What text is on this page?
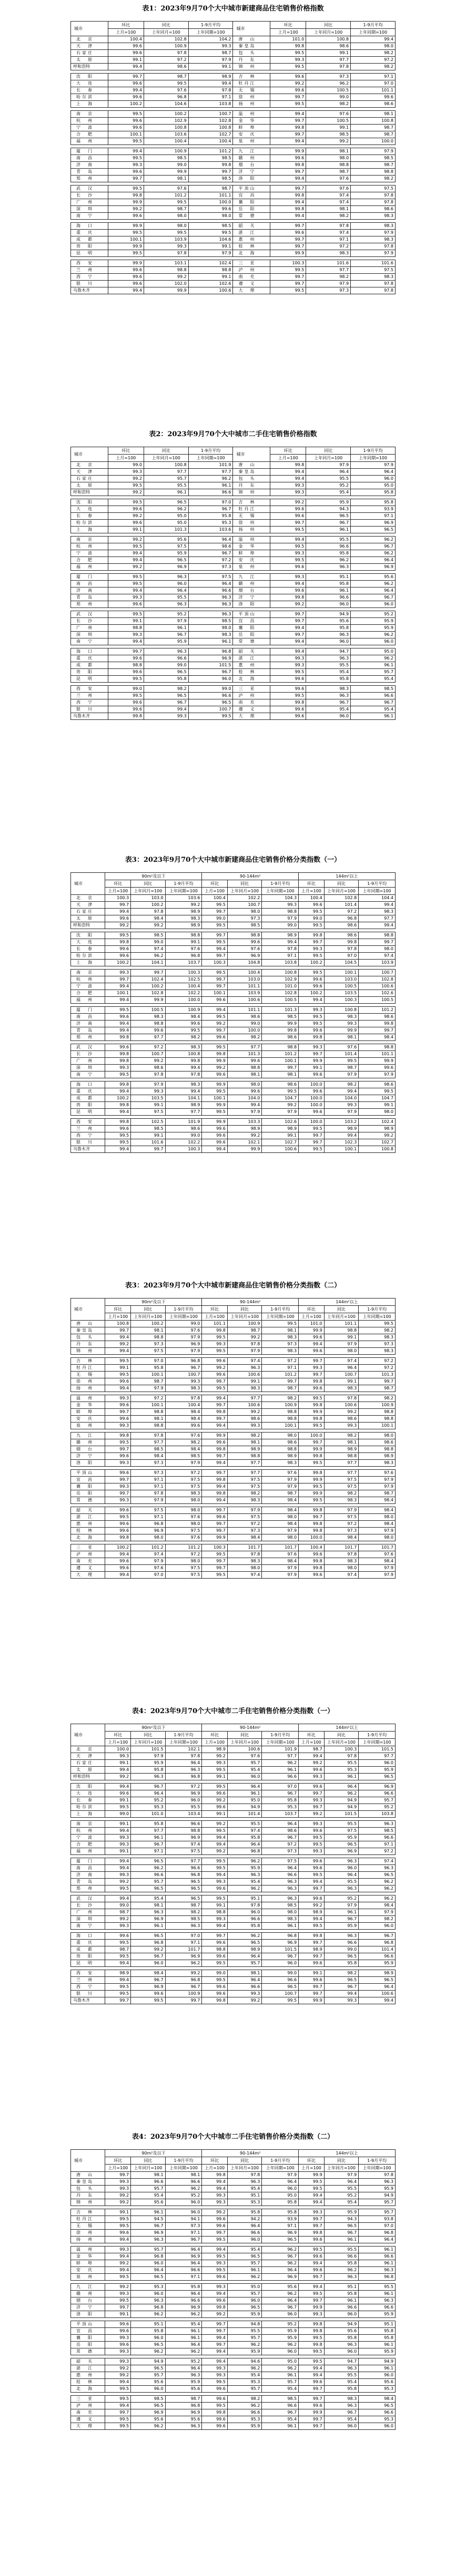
表1：2023年9月70个大中城市新建商品住宅销售价格指数
城市	环比	同比	1-9月平均	城市	环比	同比	1-9月平均
	上月=100	上年同月=100	上年同期=100		上月=100	上年同月=100	上年同期=100
北　京	100.4	102.8	104.2	唐　山	101.0	100.8	99.4
天　津	99.6	100.9	99.3	秦皇岛	99.8	98.6	98.0
石家庄	99.6	97.8	98.7	包　头	99.5	99.1	98.2
太　原	99.1	97.2	97.9	丹　东	99.3	97.7	97.2
呼和浩特	99.4	98.6	99.1	锦　州	99.5	97.8	98.2

沈　阳	99.7	98.7	98.9	吉　林	99.6	97.3	97.1
大　连	99.6	99.5	99.4	牡丹江	99.2	96.2	97.0
长　春	99.4	97.6	97.8	无　锡	99.6	100.5	101.1
哈尔滨	99.6	96.8	97.1	徐　州	99.7	99.0	99.6
上　海	100.2	104.6	103.8	扬　州	99.5	98.2	98.6

南　京	99.5	100.2	100.7	温　州	99.4	97.6	98.1
杭　州	99.6	102.9	102.8	金　华	99.7	100.5	100.8
宁　波	99.6	100.8	100.8	蚌　埠	99.8	99.1	98.7
合　肥	100.1	103.6	102.7	安　庆	99.7	98.5	98.7
福　州	99.5	100.4	100.4	泉　州	99.4	99.2	100.0

厦　门	99.4	100.9	101.2	九　江	99.9	98.1	97.9
南　昌	99.5	98.5	98.5	赣　州	99.6	98.0	98.5
济　南	99.3	99.0	99.8	烟　台	99.8	98.8	98.7
青　岛	99.6	99.9	99.7	济　宁	99.7	98.7	98.8
郑　州	99.7	98.1	98.5	洛　阳	99.4	97.6	98.2

武　汉	99.5	97.6	98.7	平顶山	99.7	97.6	97.5
长　沙	99.8	101.2	101.1	宜　昌	99.8	97.4	97.8
广　州	99.9	99.5	100.0	襄　阳	99.4	97.4	97.8
深　圳	99.2	98.7	99.6	岳　阳	99.8	98.1	98.6
南　宁	99.6	98.0	98.0	常　德	99.4	98.2	98.3

海　口	99.9	98.0	98.5	韶　关	99.7	97.8	98.3
重　庆	99.5	99.5	99.5	湛　江	99.6	97.4	97.9
成　都	100.1	103.9	104.6	惠　州	99.7	97.1	98.3
贵　阳	99.9	99.3	99.1	桂　林	99.7	97.2	97.8
昆　明	99.5	97.8	97.9	北　海	99.9	98.3	97.9

西　安	99.9	103.1	102.4	三　亚	100.3	101.6	101.6
兰　州	99.6	98.8	98.8	泸　州	99.5	97.7	97.5
西　宁	99.6	99.2	99.1	南　充	99.7	98.2	98.3
银　川	99.6	102.0	102.6	遵　义	99.7	97.9	97.8
乌鲁木齐	99.4	99.9	100.6	大　理	99.5	97.3	97.8
表2：2023年9月70个大中城市二手住宅销售价格指数
城市	环比	同比	1-9月平均	城市	环比	同比	1-9月平均
	上月=100	上年同月=100	上年同期=100		上月=100	上年同月=100	上年同期=100
北　京	99.0	100.8	101.9	唐　山	99.8	97.9	97.9
天　津	99.3	97.7	97.7	秦皇岛	99.4	96.4	96.4
石家庄	99.2	95.7	96.2	包　头	99.4	95.5	96.0
太　原	99.5	95.5	96.1	丹　东	99.3	95.2	95.0
呼和浩特	99.2	96.1	96.6	锦　州	99.3	95.4	95.8

沈　阳	99.5	96.5	97.0	吉　林	99.2	95.9	95.8
大　连	99.6	96.2	96.7	牡丹江	99.6	94.3	93.9
长　春	99.2	95.0	95.8	无　锡	99.6	96.5	97.1
哈尔滨	99.6	95.0	95.3	徐　州	99.7	96.7	96.9
上　海	99.1	101.3	103.6	扬　州	99.5	96.1	96.5

南　京	99.2	95.6	96.4	温　州	99.4	95.5	96.2
杭　州	99.5	97.5	98.6	金　华	99.5	96.6	96.7
宁　波	99.4	95.9	96.7	蚌　埠	99.3	95.8	96.2
合　肥	99.4	96.5	97.2	安　庆	99.5	96.2	96.4
福　州	99.2	96.9	97.3	泉　州	99.6	96.3	96.9

厦　门	99.5	96.3	97.5	九　江	99.3	95.1	95.6
南　昌	99.5	96.0	96.4	赣　州	99.4	95.8	96.2
济　南	99.4	96.4	96.6	烟　台	99.6	96.1	96.4
青　岛	99.3	95.5	96.3	济　宁	99.8	96.6	96.7
郑　州	99.6	96.3	96.3	洛　阳	99.2	96.0	96.0

武　汉	99.5	95.2	96.3	平顶山	99.7	94.9	95.2
长　沙	99.1	97.9	98.5	宜　昌	99.7	95.6	95.9
广　州	98.8	96.1	98.0	襄　阳	99.4	95.8	95.9
深　圳	99.3	96.7	98.3	岳　阳	99.7	96.3	96.2
南　宁	99.4	95.9	96.1	常　德	99.4	96.0	96.0

海　口	99.7	96.3	96.8	韶　关	99.4	94.7	95.0
重　庆	99.6	96.6	96.9	湛　江	99.3	96.3	96.2
成　都	98.8	99.0	101.5	惠　州	99.3	95.5	96.1
贵　阳	99.6	96.5	96.7	桂　林	99.5	95.4	95.7
昆　明	99.5	95.8	96.0	北　海	99.6	95.8	95.4

西　安	99.0	98.2	99.0	三　亚	99.6	98.3	98.5
兰　州	99.5	96.5	96.6	泸　州	99.5	96.3	96.6
西　宁	99.6	96.7	96.5	南　充	99.8	96.7	96.7
银　川	99.6	99.4	100.7	遵　义	99.6	95.4	95.4
乌鲁木齐	99.8	99.3	99.5	大　理	99.6	96.0	96.1
表3：2023年9月70个大中城市新建商品住宅销售价格分类指数（一）
城市	90m²及以下			90-144m²			144m²以上		
	环比	同比	1-9月平均	环比	同比	1-9月平均	环比	同比	1-9月平均
	上月=100	上年同月=100	上年同期=100	上月=100	上年同月=100	上年同期=100	上月=100	上年同月=100	上年同期=100
北　京	100.3	103.0	103.6	100.4	102.2	104.3	100.4	102.8	104.4
天　津	99.7	100.2	99.2	99.5	100.7	99.3	99.6	101.4	99.4
石家庄	99.4	97.8	98.9	99.7	98.0	98.8	99.5	97.2	98.3
太　原	99.6	98.4	98.3	99.0	97.3	97.9	99.0	96.8	97.7
呼和浩特	99.2	99.2	98.9	99.5	98.5	99.0	99.5	98.6	99.4

沈　阳	99.5	98.5	98.8	99.7	98.8	98.9	99.8	98.6	98.8
大　连	99.8	99.0	99.1	99.5	99.6	99.4	99.7	99.8	99.7
长　春	99.6	97.4	97.6	99.4	97.6	97.8	99.3	97.8	98.0
哈尔滨	99.6	96.2	96.8	99.7	96.9	97.1	99.5	97.0	97.4
上　海	100.2	104.1	103.7	100.3	104.8	103.8	100.2	104.5	103.9

南　京	99.3	99.7	100.3	99.5	100.4	100.8	99.5	100.1	100.7
杭　州	99.7	102.4	102.5	99.7	103.0	102.9	99.6	103.0	102.8
宁　波	99.4	100.2	100.4	99.7	101.1	101.0	99.6	100.5	100.6
合　肥	100.1	102.8	102.2	100.1	103.9	102.8	100.2	103.5	102.6
福　州	99.4	99.9	100.0	99.6	100.6	100.5	99.4	100.3	100.5

厦　门	99.5	100.5	100.9	99.4	101.1	101.3	99.3	100.8	101.2
南　昌	99.6	98.3	98.4	99.5	98.6	98.5	99.5	98.3	98.6
济　南	99.4	98.8	99.6	99.2	99.0	99.9	99.5	99.3	99.8
青　岛	99.4	99.6	99.5	99.7	100.0	99.8	99.6	99.9	99.7
郑　州	99.8	97.7	98.2	99.6	98.2	98.6	99.8	98.1	98.4

武　汉	99.6	97.2	98.3	99.5	97.7	98.8	99.3	97.6	98.8
长　沙	99.8	100.7	100.8	99.8	101.3	101.2	99.7	101.4	101.1
广　州	99.8	99.2	99.8	99.9	99.6	100.1	99.9	99.5	99.9
深　圳	99.3	98.6	99.4	99.2	98.8	99.7	99.1	98.7	99.6
南　宁	99.5	97.8	97.8	99.6	98.1	98.1	99.6	97.9	97.9

海　口	99.8	97.9	98.3	99.9	98.0	98.6	100.0	98.2	98.6
重　庆	99.4	99.3	99.4	99.5	99.6	99.5	99.6	99.4	99.5
成　都	100.2	103.5	104.1	100.1	104.0	104.7	100.0	104.0	104.7
贵　阳	99.8	99.1	98.9	99.9	99.4	99.2	100.0	99.3	99.1
昆　明	99.4	97.5	97.7	99.5	97.9	97.9	99.6	97.9	98.0

西　安	99.8	102.5	101.9	99.9	103.3	102.6	100.0	103.2	102.4
兰　州	99.6	98.5	98.6	99.6	98.9	98.9	99.5	98.9	98.9
西　宁	99.5	99.1	99.0	99.6	99.2	99.1	99.7	99.4	99.2
银　川	99.5	101.6	102.2	99.6	102.1	102.7	99.7	102.3	102.7
乌鲁木齐	99.4	99.7	100.3	99.4	99.9	100.6	99.5	100.1	100.8
表3：2023年9月70个大中城市新建商品住宅销售价格分类指数（二）
城市	90m²及以下			90-144m²			144m²以上		
	环比	同比	1-9月平均	环比	同比	1-9月平均	环比	同比	1-9月平均
	上月=100	上年同月=100	上年同期=100	上月=100	上年同月=100	上年同期=100	上月=100	上年同月=100	上年同期=100
唐　山	100.8	100.2	99.0	101.1	100.9	99.5	101.0	101.1	99.5
秦皇岛	99.7	98.1	97.6	99.8	98.7	98.1	99.9	98.8	98.2
包　头	99.4	98.8	97.9	99.5	99.2	98.3	99.6	99.1	98.3
丹　东	99.2	97.3	96.9	99.3	97.8	97.3	99.4	97.9	97.3
锦　州	99.4	97.5	97.9	99.5	97.9	98.3	99.6	98.0	98.3

吉　林	99.5	97.0	96.8	99.6	97.4	97.2	99.7	97.4	97.2
牡丹江	99.1	95.8	96.7	99.2	96.3	97.1	99.3	96.4	97.2
无　锡	99.5	100.1	100.7	99.6	100.6	101.2	99.7	100.7	101.3
徐　州	99.6	98.7	99.3	99.7	99.1	99.7	99.8	99.1	99.7
扬　州	99.4	97.9	98.3	99.5	98.3	98.7	99.6	98.3	98.7

温　州	99.3	97.2	97.8	99.4	97.7	98.2	99.5	97.8	98.2
金　华	99.6	100.1	100.4	99.7	100.6	100.9	99.8	100.6	100.9
蚌　埠	99.7	98.8	98.4	99.8	99.2	98.8	99.9	99.2	98.8
安　庆	99.6	98.1	98.4	99.7	98.6	98.8	99.8	98.6	98.8
泉　州	99.3	98.8	99.6	99.4	99.3	100.1	99.5	99.3	100.1

九　江	99.8	97.8	97.6	99.9	98.2	98.0	100.0	98.2	98.0
赣　州	99.5	97.7	98.2	99.6	98.1	98.6	99.7	98.1	98.6
烟　台	99.7	98.5	98.4	99.8	98.9	98.8	99.9	98.9	98.8
济　宁	99.6	98.4	98.5	99.7	98.8	98.9	99.8	98.8	98.9
洛　阳	99.3	97.3	97.9	99.4	97.7	98.3	99.5	97.7	98.3

平顶山	99.6	97.3	97.2	99.7	97.7	97.6	99.8	97.7	97.6
宜　昌	99.7	97.1	97.5	99.8	97.5	97.9	99.9	97.5	97.9
襄　阳	99.3	97.1	97.5	99.4	97.5	97.9	99.5	97.5	97.9
岳　阳	99.7	97.8	98.3	99.8	98.2	98.7	99.9	98.2	98.7
常　德	99.3	97.9	98.0	99.4	98.3	98.4	99.5	98.3	98.4

韶　关	99.6	97.5	98.0	99.7	97.9	98.4	99.8	97.9	98.4
湛　江	99.5	97.1	97.6	99.6	97.5	98.0	99.7	97.5	98.0
惠　州	99.6	96.8	98.0	99.7	97.2	98.4	99.8	97.2	98.4
桂　林	99.6	96.9	97.5	99.7	97.3	97.9	99.8	97.3	97.9
北　海	99.8	98.0	97.6	99.9	98.4	98.0	100.0	98.4	98.0

三　亚	100.2	101.2	101.2	100.3	101.7	101.7	100.4	101.7	101.7
泸　州	99.4	97.4	97.2	99.5	97.8	97.6	99.6	97.8	97.6
南　充	99.6	97.9	98.0	99.7	98.3	98.4	99.8	98.3	98.4
遵　义	99.6	97.6	97.5	99.7	98.0	97.9	99.8	98.0	97.9
大　理	99.4	97.0	97.5	99.5	97.4	97.9	99.6	97.4	97.9
表4：2023年9月70个大中城市二手住宅销售价格分类指数（一）
城市	90m²及以下			90-144m²			144m²以上		
	环比	同比	1-9月平均	环比	同比	1-9月平均	环比	同比	1-9月平均
	上月=100	上年同月=100	上年同期=100	上月=100	上年同月=100	上年同期=100	上月=100	上年同月=100	上年同期=100
北　京	100.0	101.5	102.1	98.9	100.6	101.9	98.7	100.3	101.5
天　津	99.3	97.9	97.8	99.2	97.6	97.7	99.4	97.8	97.7
石家庄	99.1	95.9	96.4	99.3	95.7	96.2	99.2	95.5	96.0
太　原	99.4	95.8	96.3	99.5	95.4	96.1	99.6	95.3	95.9
呼和浩特	99.2	96.3	96.8	99.1	96.0	96.6	99.3	96.1	96.5

沈　阳	99.4	96.7	97.2	99.5	96.4	97.0	99.6	96.4	96.9
大　连	99.6	96.4	96.9	99.6	96.1	96.7	99.7	96.2	96.6
长　春	99.1	95.2	96.0	99.2	95.0	95.8	99.3	94.9	95.7
哈尔滨	99.5	95.3	95.5	99.6	94.9	95.3	99.7	94.9	95.2
上　海	99.0	101.0	103.4	99.1	101.4	103.7	99.2	101.5	103.8

南　京	99.1	95.8	96.6	99.2	95.5	96.4	99.3	95.5	96.3
杭　州	99.4	97.7	98.8	99.5	97.4	98.6	99.6	97.5	98.5
宁　波	99.3	96.1	96.9	99.4	95.8	96.7	99.5	95.9	96.6
合　肥	99.3	96.7	97.4	99.4	96.4	97.2	99.5	96.5	97.1
福　州	99.1	97.1	97.5	99.2	96.8	97.3	99.3	96.9	97.2

厦　门	99.4	96.5	97.7	99.5	96.2	97.5	99.6	96.3	97.4
南　昌	99.4	96.2	96.6	99.5	95.9	96.4	99.6	96.0	96.3
济　南	99.3	96.6	96.8	99.4	96.3	96.6	99.5	96.4	96.5
青　岛	99.2	95.7	96.5	99.3	95.4	96.3	99.4	95.5	96.2
郑　州	99.5	96.5	96.5	99.6	96.2	96.3	99.7	96.3	96.2

武　汉	99.4	95.4	96.5	99.5	95.1	96.3	99.6	95.2	96.2
长　沙	99.0	98.1	98.7	99.1	97.8	98.5	99.2	97.9	98.4
广　州	98.7	96.3	98.2	98.8	96.0	98.0	98.9	96.1	97.9
深　圳	99.2	96.9	98.5	99.3	96.6	98.3	99.4	96.7	98.2
南　宁	99.3	96.1	96.3	99.4	95.8	96.1	99.5	95.9	96.0

海　口	99.6	96.5	97.0	99.7	96.2	96.8	99.8	96.3	96.7
重　庆	99.5	96.8	97.1	99.6	96.5	96.9	99.7	96.6	96.8
成　都	98.7	99.2	101.7	98.8	98.9	101.5	98.9	99.0	101.4
贵　阳	99.5	96.7	96.9	99.6	96.4	96.7	99.7	96.5	96.6
昆　明	99.4	96.0	96.2	99.5	95.7	96.0	99.6	95.8	95.9

西　安	98.9	98.4	99.2	99.0	98.1	99.0	99.1	98.2	98.9
兰　州	99.4	96.7	96.8	99.5	96.4	96.6	99.6	96.5	96.5
西　宁	99.5	96.9	96.7	99.6	96.6	96.5	99.7	96.7	96.4
银　川	99.5	99.6	100.9	99.6	99.3	100.7	99.7	99.4	100.6
乌鲁木齐	99.7	99.5	99.7	99.8	99.2	99.5	99.9	99.3	99.4
表4：2023年9月70个大中城市二手住宅销售价格分类指数（二）
城市	90m²及以下			90-144m²			144m²以上		
	环比	同比	1-9月平均	环比	同比	1-9月平均	环比	同比	1-9月平均
	上月=100	上年同月=100	上年同期=100	上月=100	上年同月=100	上年同期=100	上月=100	上年同月=100	上年同期=100
唐　山	99.7	98.1	98.1	99.8	97.8	97.9	99.9	97.9	97.8
秦皇岛	99.3	96.6	96.6	99.4	96.3	96.4	99.5	96.4	96.3
包　头	99.3	95.7	96.2	99.4	95.4	96.0	99.5	95.5	95.9
丹　东	99.2	95.4	95.2	99.3	95.1	95.0	99.4	95.2	94.9
锦　州	99.2	95.6	96.0	99.3	95.3	95.8	99.4	95.4	95.7

吉　林	99.1	96.1	96.0	99.2	95.8	95.8	99.3	95.9	95.7
牡丹江	99.5	94.5	94.1	99.6	94.2	93.9	99.7	94.3	93.8
无　锡	99.5	96.7	97.3	99.6	96.4	97.1	99.7	96.5	97.0
徐　州	99.6	96.9	97.1	99.7	96.6	96.9	99.8	96.7	96.8
扬　州	99.4	96.3	96.7	99.5	96.0	96.5	99.6	96.1	96.4

温　州	99.3	95.7	96.4	99.4	95.4	96.2	99.5	95.5	96.1
金　华	99.4	96.8	96.9	99.5	96.5	96.7	99.6	96.6	96.6
蚌　埠	99.2	96.0	96.4	99.3	95.7	96.2	99.4	95.8	96.1
安　庆	99.4	96.4	96.6	99.5	96.1	96.4	99.6	96.2	96.3
泉　州	99.5	96.5	97.1	99.6	96.2	96.9	99.7	96.3	96.8

九　江	99.2	95.3	95.8	99.3	95.0	95.6	99.4	95.1	95.5
赣　州	99.3	96.0	96.4	99.4	95.7	96.2	99.5	95.8	96.1
烟　台	99.5	96.3	96.6	99.6	96.0	96.4	99.7	96.1	96.3
济　宁	99.7	96.8	96.9	99.8	96.5	96.7	99.9	96.6	96.6
洛　阳	99.1	96.2	96.2	99.2	95.9	96.0	99.3	96.0	95.9

平顶山	99.6	95.1	95.4	99.7	94.8	95.2	99.8	94.9	95.1
宜　昌	99.6	95.8	96.1	99.7	95.5	95.9	99.8	95.6	95.8
襄　阳	99.3	96.0	96.1	99.4	95.7	95.9	99.5	95.8	95.8
岳　阳	99.6	96.5	96.4	99.7	96.2	96.2	99.8	96.3	96.1
常　德	99.3	96.2	96.2	99.4	95.9	96.0	99.5	96.0	95.9

韶　关	99.3	94.9	95.2	99.4	94.6	95.0	99.5	94.7	94.9
湛　江	99.2	96.5	96.4	99.3	96.2	96.2	99.4	96.3	96.1
惠　州	99.2	95.7	96.3	99.3	95.4	96.1	99.4	95.5	96.0
桂　林	99.4	95.6	95.9	99.5	95.3	95.7	99.6	95.4	95.6
北　海	99.5	96.0	95.6	99.6	95.7	95.4	99.7	95.8	95.3

三　亚	99.5	98.5	98.7	99.6	98.2	98.5	99.7	98.3	98.4
泸　州	99.4	96.5	96.8	99.5	96.2	96.6	99.6	96.3	96.5
南　充	99.7	96.9	96.9	99.8	96.6	96.7	99.9	96.7	96.6
遵　义	99.5	95.6	95.6	99.6	95.3	95.4	99.7	95.4	95.3
大　理	99.5	96.2	96.3	99.6	95.9	96.1	99.7	96.0	96.0
